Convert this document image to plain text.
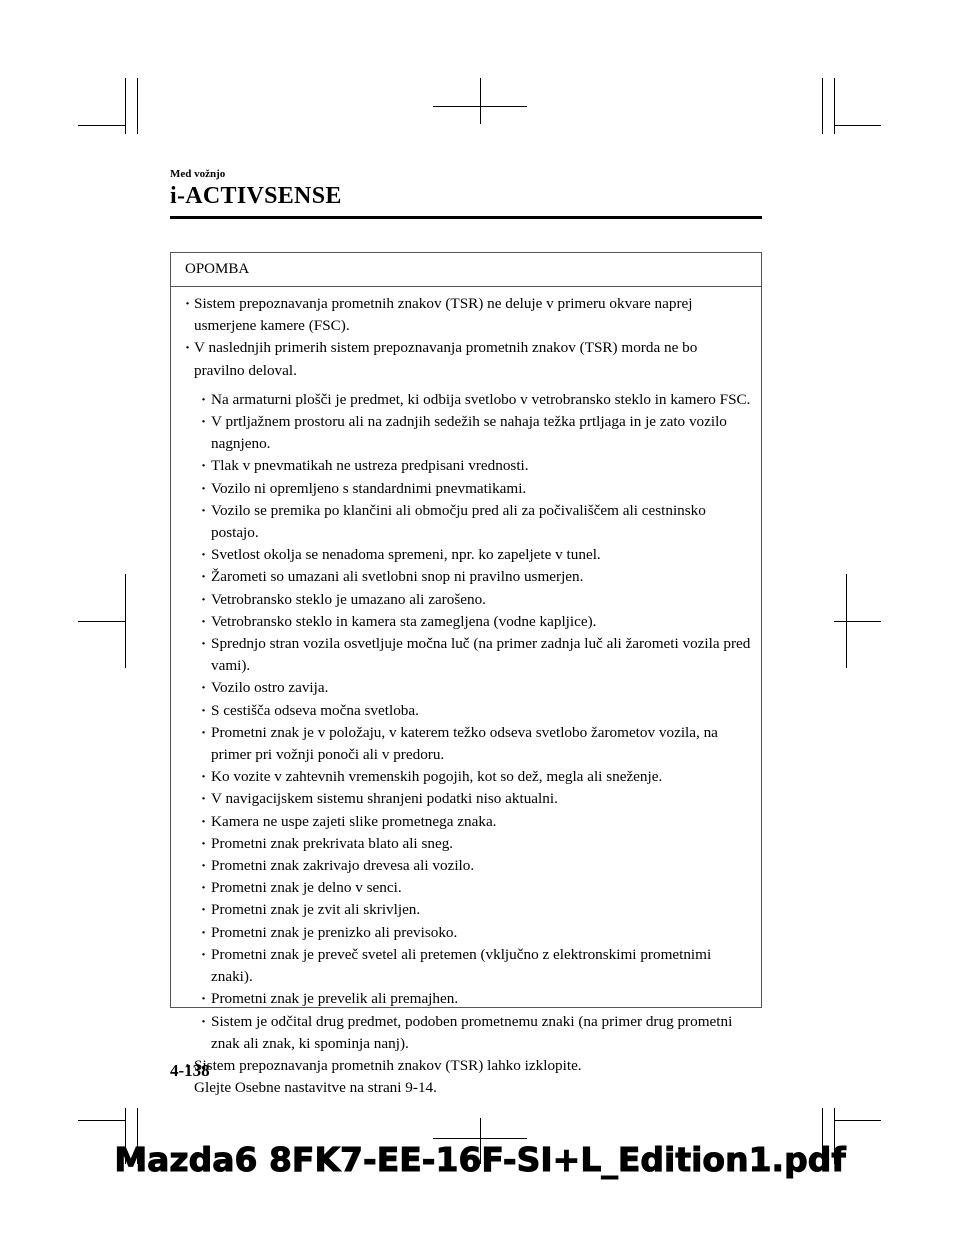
Med vožnjo
i-ACTIVSENSE
OPOMBA
· Sistem prepoznavanja prometnih znakov (TSR) ne deluje v primeru okvare naprej usmerjene kamere (FSC).
· V naslednjih primerih sistem prepoznavanja prometnih znakov (TSR) morda ne bo pravilno deloval.
· Na armaturni plošči je predmet, ki odbija svetlobo v vetrobransko steklo in kamero FSC.
· V prtljažnem prostoru ali na zadnjih sedežih se nahaja težka prtljaga in je zato vozilo nagnjeno.
· Tlak v pnevmatikah ne ustreza predpisani vrednosti.
· Vozilo ni opremljeno s standardnimi pnevmatikami.
· Vozilo se premika po klančini ali območju pred ali za počivališčem ali cestninsko postajo.
· Svetlost okolja se nenadoma spremeni, npr. ko zapeljete v tunel.
· Žarometi so umazani ali svetlobni snop ni pravilno usmerjen.
· Vetrobransko steklo je umazano ali zarošeno.
· Vetrobransko steklo in kamera sta zamegljena (vodne kapljice).
· Sprednjo stran vozila osvetljuje močna luč (na primer zadnja luč ali žarometi vozila pred vami).
· Vozilo ostro zavija.
· S cestišča odseva močna svetloba.
· Prometni znak je v položaju, v katerem težko odseva svetlobo žarometov vozila, na primer pri vožnji ponoči ali v predoru.
· Ko vozite v zahtevnih vremenskih pogojih, kot so dež, megla ali sneženje.
· V navigacijskem sistemu shranjeni podatki niso aktualni.
· Kamera ne uspe zajeti slike prometnega znaka.
· Prometni znak prekrivata blato ali sneg.
· Prometni znak zakrivajo drevesa ali vozilo.
· Prometni znak je delno v senci.
· Prometni znak je zvit ali skrivljen.
· Prometni znak je prenizko ali previsoko.
· Prometni znak je preveč svetel ali pretemen (vključno z elektronskimi prometnimi znaki).
· Prometni znak je prevelik ali premajhen.
· Sistem je odčital drug predmet, podoben prometnemu znaki (na primer drug prometni znak ali znak, ki spominja nanj).
· Sistem prepoznavanja prometnih znakov (TSR) lahko izklopite.
Glejte Osebne nastavitve na strani 9-14.
4-138
Mazda6 8FK7-EE-16F-SI+L_Edition1.pdf
